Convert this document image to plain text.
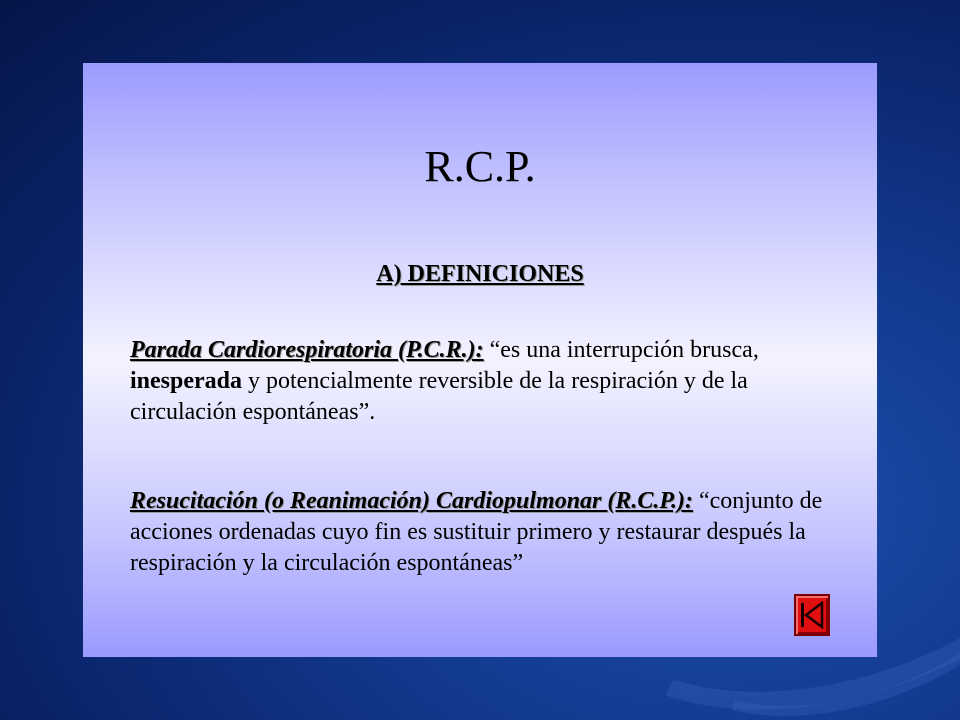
R.C.P.
A) DEFINICIONES

Parada Cardiorespiratoria (P.C.R.): “es una interrupción brusca, inesperada y potencialmente reversible de la respiración y de la circulación espontáneas”.

Resucitación (o Reanimación) Cardiopulmonar (R.C.P.): “conjunto de acciones ordenadas cuyo fin es sustituir primero y restaurar después la respiración y la circulación espontáneas”
